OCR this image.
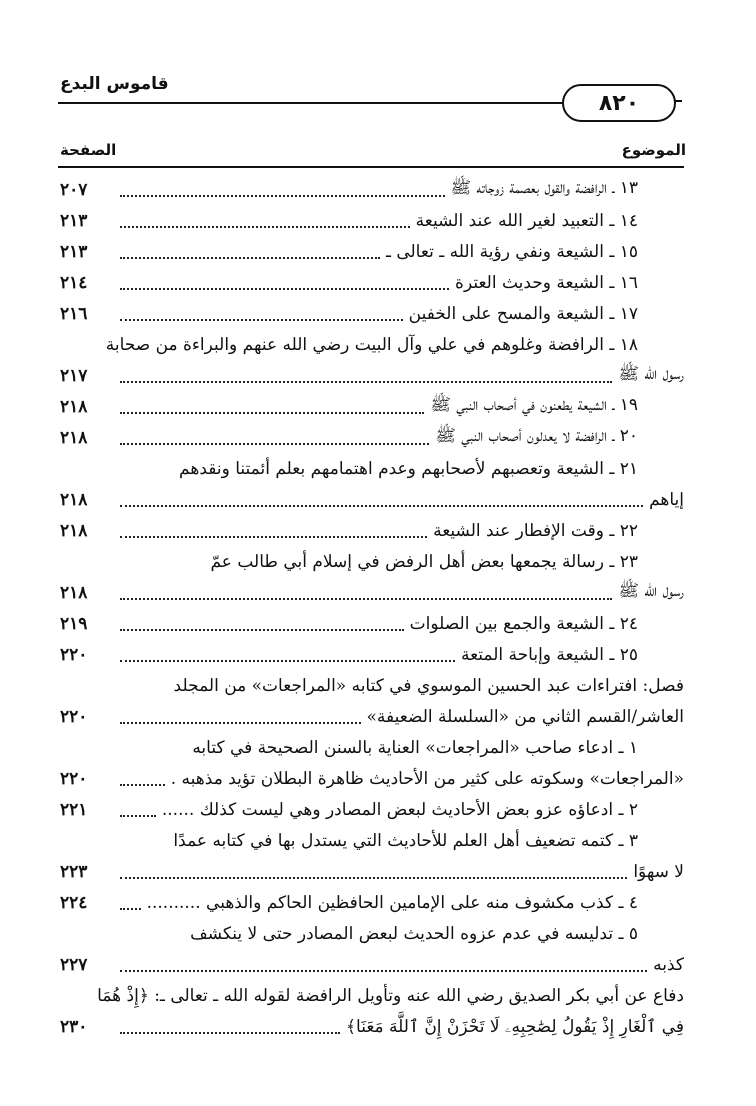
قاموس البدع
٨٢٠
الموضوع
الصفحة
١٣ ـ الرافضة والقول بعصمة زوجاته ﷺ
٢٠٧
١٤ ـ التعبيد لغير الله عند الشيعة
٢١٣
١٥ ـ الشيعة ونفي رؤية الله ـ تعالى ـ
٢١٣
١٦ ـ الشيعة وحديث العترة
٢١٤
١٧ ـ الشيعة والمسح على الخفين
٢١٦
١٨ ـ الرافضة وغلوهم في علي وآل البيت رضي الله عنهم والبراءة من صحابة
رسول الله ﷺ
٢١٧
١٩ ـ الشيعة يطعنون في أصحاب النبي ﷺ
٢١٨
٢٠ ـ الرافضة لا يعدلون أصحاب النبي ﷺ
٢١٨
٢١ ـ الشيعة وتعصبهم لأصحابهم وعدم اهتمامهم بعلم أئمتنا ونقدهم
إياهم
٢١٨
٢٢ ـ وقت الإفطار عند الشيعة
٢١٨
٢٣ ـ رسالة يجمعها بعض أهل الرفض في إسلام أبي طالب عمّ
رسول الله ﷺ
٢١٨
٢٤ ـ الشيعة والجمع بين الصلوات
٢١٩
٢٥ ـ الشيعة وإباحة المتعة
٢٢٠
فصل: افتراءات عبد الحسين الموسوي في كتابه «المراجعات» من المجلد
العاشر/القسم الثاني من «السلسلة الضعيفة»
٢٢٠
١ ـ ادعاء صاحب «المراجعات» العناية بالسنن الصحيحة في كتابه
«المراجعات» وسكوته على كثير من الأحاديث ظاهرة البطلان تؤيد مذهبه .
٢٢٠
٢ ـ ادعاؤه عزو بعض الأحاديث لبعض المصادر وهي ليست كذلك ......
٢٢١
٣ ـ كتمه تضعيف أهل العلم للأحاديث التي يستدل بها في كتابه عمدًا
لا سهوًا
٢٢٣
٤ ـ كذب مكشوف منه على الإمامين الحافظين الحاكم والذهبي ..........
٢٢٤
٥ ـ تدليسه في عدم عزوه الحديث لبعض المصادر حتى لا ينكشف
كذبه
٢٢٧
دفاع عن أبي بكر الصديق رضي الله عنه وتأويل الرافضة لقوله الله ـ تعالى ـ: ﴿إِذْ هُمَا
فِي ٱلْغَارِ إِذْ يَقُولُ لِصَٰحِبِهِۦ لَا تَحْزَنْ إِنَّ ٱللَّهَ مَعَنَا﴾
٢٣٠
